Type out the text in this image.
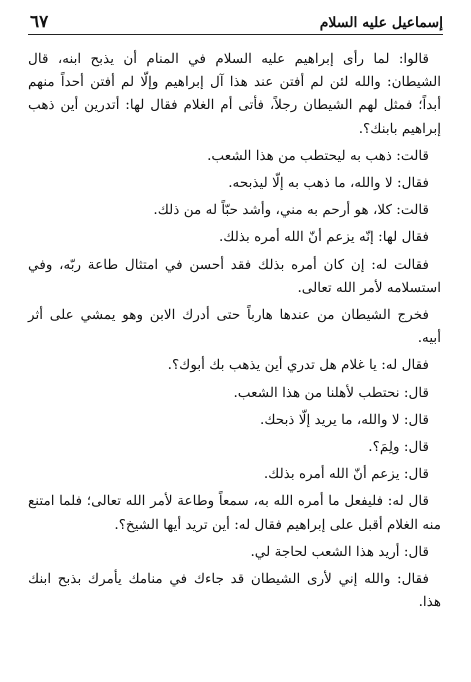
٦٧	إسماعيل عليه السلام

قالوا: لما رأى إبراهيم عليه السلام في المنام أن يذبح ابنه، قال الشيطان: والله لئن لم أفتن عند هذا آل إبراهيم وإلّا لم أفتن أحداً منهم أبداً؛ فمثل لهم الشيطان رجلاً، فأتى أم الغلام فقال لها: أتدرين أين ذهب إبراهيم بابنك؟.

قالت: ذهب به ليحتطب من هذا الشعب.

فقال: لا والله، ما ذهب به إلّا ليذبحه.

قالت: كلا، هو أرحم به مني، وأشد حبّاً له من ذلك.

فقال لها: إنّه يزعم أنّ الله أمره بذلك.

فقالت له: إن كان أمره بذلك فقد أحسن في امتثال طاعة ربّه، وفي استسلامه لأمر الله تعالى.

فخرج الشيطان من عندها هارباً حتى أدرك الابن وهو يمشي على أثر أبيه.

فقال له: يا غلام هل تدري أين يذهب بك أبوك؟.

قال: نحتطب لأهلنا من هذا الشعب.

قال: لا والله، ما يريد إلّا ذبحك.

قال: ولِمَ؟.

قال: يزعم أنّ الله أمره بذلك.

قال له: فليفعل ما أمره الله به، سمعاً وطاعة لأمر الله تعالى؛ فلما امتنع منه الغلام أقبل على إبراهيم فقال له: أين تريد أيها الشيخ؟.

قال: أريد هذا الشعب لحاجة لي.

فقال: والله إني لأرى الشيطان قد جاءك في منامك يأمرك بذبح ابنك هذا.
